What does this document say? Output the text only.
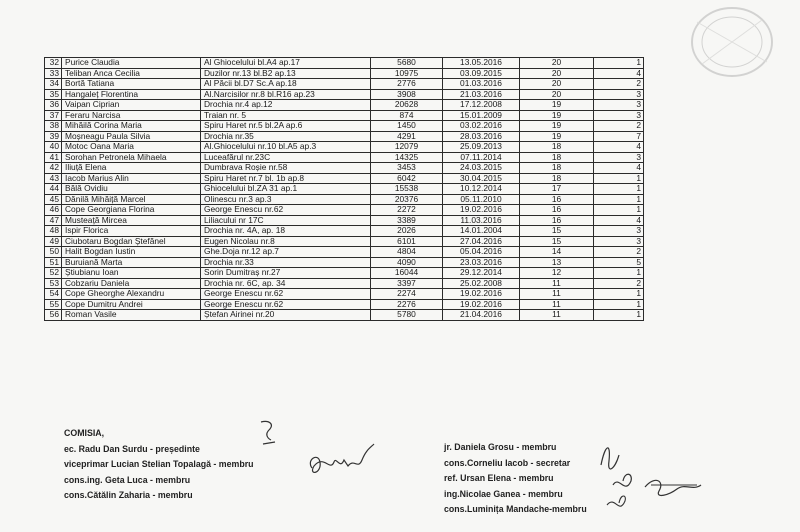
32	Purice Claudia	Al Ghiocelului bl.A4 ap.17	5680	13.05.2016	20	1
33	Teliban Anca Cecilia	Duzilor nr.13 bl.B2 ap.13	10975	03.09.2015	20	4
34	Bortă Tatiana	Al Păcii bl.D7 Sc.A ap.18	2776	01.03.2016	20	2
35	Hangaleț Florentina	Al.Narcisilor nr.8 bl.R16 ap.23	3908	21.03.2016	20	3
36	Vaipan Ciprian	Drochia nr.4 ap.12	20628	17.12.2008	19	3
37	Feraru Narcisa	Traian nr. 5	874	15.01.2009	19	3
38	Mihăilă Corina Maria	Spiru Haret nr.5 bl.2A ap.6	1450	03.02.2016	19	2
39	Moșneagu Paula Silvia	Drochia nr.35	4291	28.03.2016	19	7
40	Motoc Oana Maria	Al.Ghiocelului nr.10 bl.A5 ap.3	12079	25.09.2013	18	4
41	Sorohan Petronela Mihaela	Luceafărul nr.23C	14325	07.11.2014	18	3
42	Iliuță Elena	Dumbrava Roșie nr.58	3453	24.03.2015	18	4
43	Iacob Marius Alin	Spiru Haret nr.7 bl. 1b ap.8	6042	30.04.2015	18	1
44	Bălă Ovidiu	Ghiocelului bl.ZA 31 ap.1	15538	10.12.2014	17	1
45	Dănilă Mihăiță Marcel	Olinescu nr.3 ap.3	20376	05.11.2010	16	1
46	Cope Georgiana Florina	George Enescu nr.62	2272	19.02.2016	16	1
47	Musteață Mircea	Liliacului nr 17C	3389	11.03.2016	16	4
48	Ispir Florica	Drochia nr. 4A, ap. 18	2026	14.01.2004	15	3
49	Ciubotaru Bogdan Ștefănel	Eugen Nicolau nr.8	6101	27.04.2016	15	3
50	Halit Bogdan Iustin	Ghe.Doja nr.12 ap.7	4804	05.04.2016	14	2
51	Buruiană Marta	Drochia nr.33	4090	23.03.2016	13	5
52	Știubianu Ioan	Sorin Dumitraș nr.27	16044	29.12.2014	12	1
53	Cobzariu Daniela	Drochia nr. 6C, ap. 34	3397	25.02.2008	11	2
54	Cope Gheorghe Alexandru	George Enescu nr.62	2274	19.02.2016	11	1
55	Cope Dumitru Andrei	George Enescu nr.62	2276	19.02.2016	11	1
56	Roman Vasile	Ștefan Airinei nr.20	5780	21.04.2016	11	1
COMISIA,
ec. Radu Dan Surdu - președinte
viceprimar Lucian Stelian Topalagă - membru
cons.ing. Geta Luca - membru
cons.Cătălin Zaharia - membru
jr. Daniela Grosu - membru
cons.Corneliu Iacob - secretar
ref. Ursan Elena - membru
ing.Nicolae Ganea - membru
cons.Luminița Mandache-membru
